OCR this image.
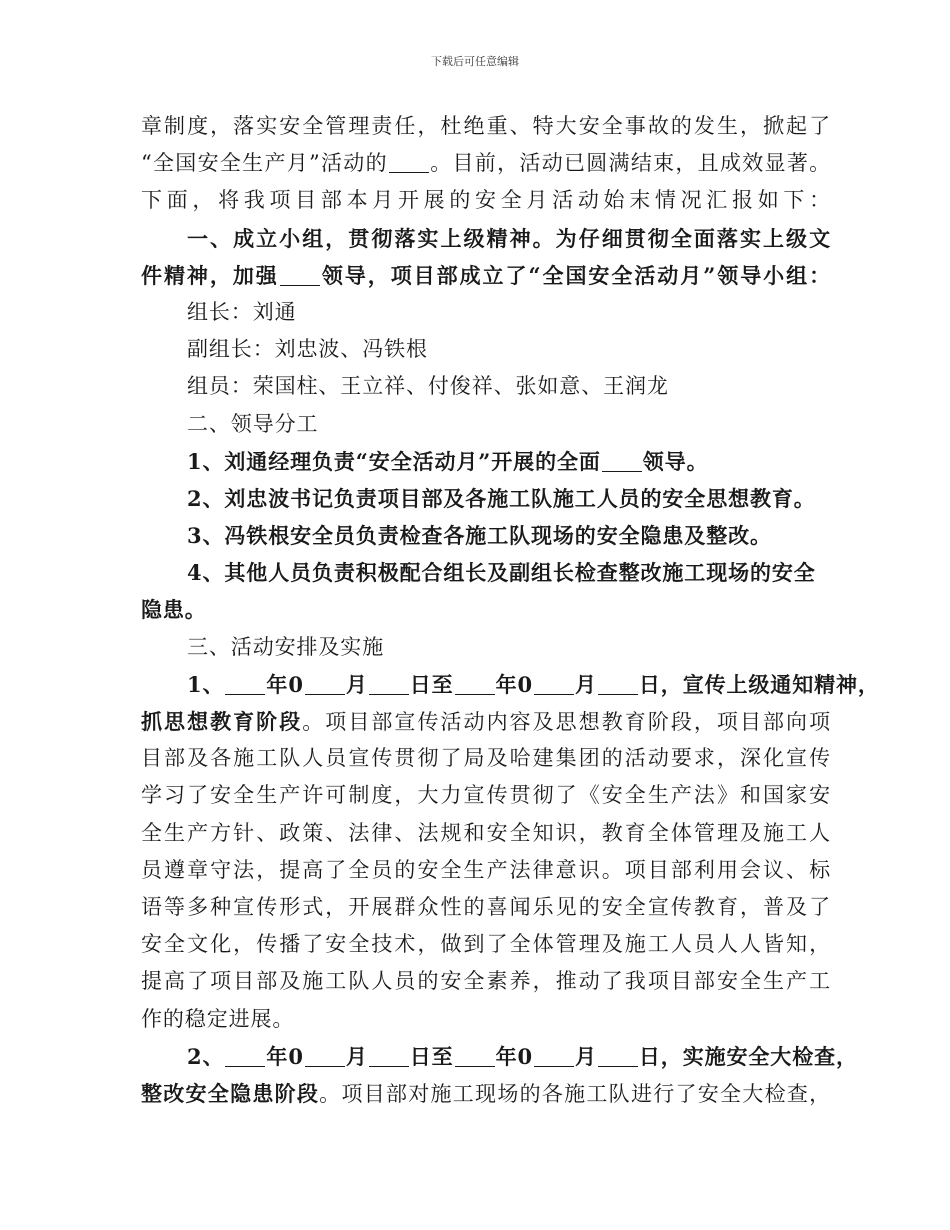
下载后可任意编辑
章制度，落实安全管理责任，杜绝重、特大安全事故的发生，掀起了
“全国安全生产月”活动的 。目前，活动已圆满结束，且成效显著。
下面，将我项目部本月开展的安全月活动始末情况汇报如下：
一、成立小组，贯彻落实上级精神。为仔细贯彻全面落实上级文
件精神，加强 领导，项目部成立了“全国安全活动月”领导小组：
组长：刘通
副组长：刘忠波、冯铁根
组员：荣国柱、王立祥、付俊祥、张如意、王润龙
二、领导分工
1、刘通经理负责“安全活动月”开展的全面 领导。
2、刘忠波书记负责项目部及各施工队施工人员的安全思想教育。
3、冯铁根安全员负责检查各施工队现场的安全隐患及整改。
4、其他人员负责积极配合组长及副组长检查整改施工现场的安全
隐患。
三、活动安排及实施
1、 年0 月 日至 年0 月 日，宣传上级通知精神，
抓思想教育阶段。项目部宣传活动内容及思想教育阶段，项目部向项
目部及各施工队人员宣传贯彻了局及哈建集团的活动要求，深化宣传
学习了安全生产许可制度，大力宣传贯彻了《安全生产法》和国家安
全生产方针、政策、法律、法规和安全知识，教育全体管理及施工人
员遵章守法，提高了全员的安全生产法律意识。项目部利用会议、标
语等多种宣传形式，开展群众性的喜闻乐见的安全宣传教育，普及了
安全文化，传播了安全技术，做到了全体管理及施工人员人人皆知，
提高了项目部及施工队人员的安全素养，推动了我项目部安全生产工
作的稳定进展。
2、 年0 月 日至 年0 月 日，实施安全大检查，
整改安全隐患阶段。项目部对施工现场的各施工队进行了安全大检查，
